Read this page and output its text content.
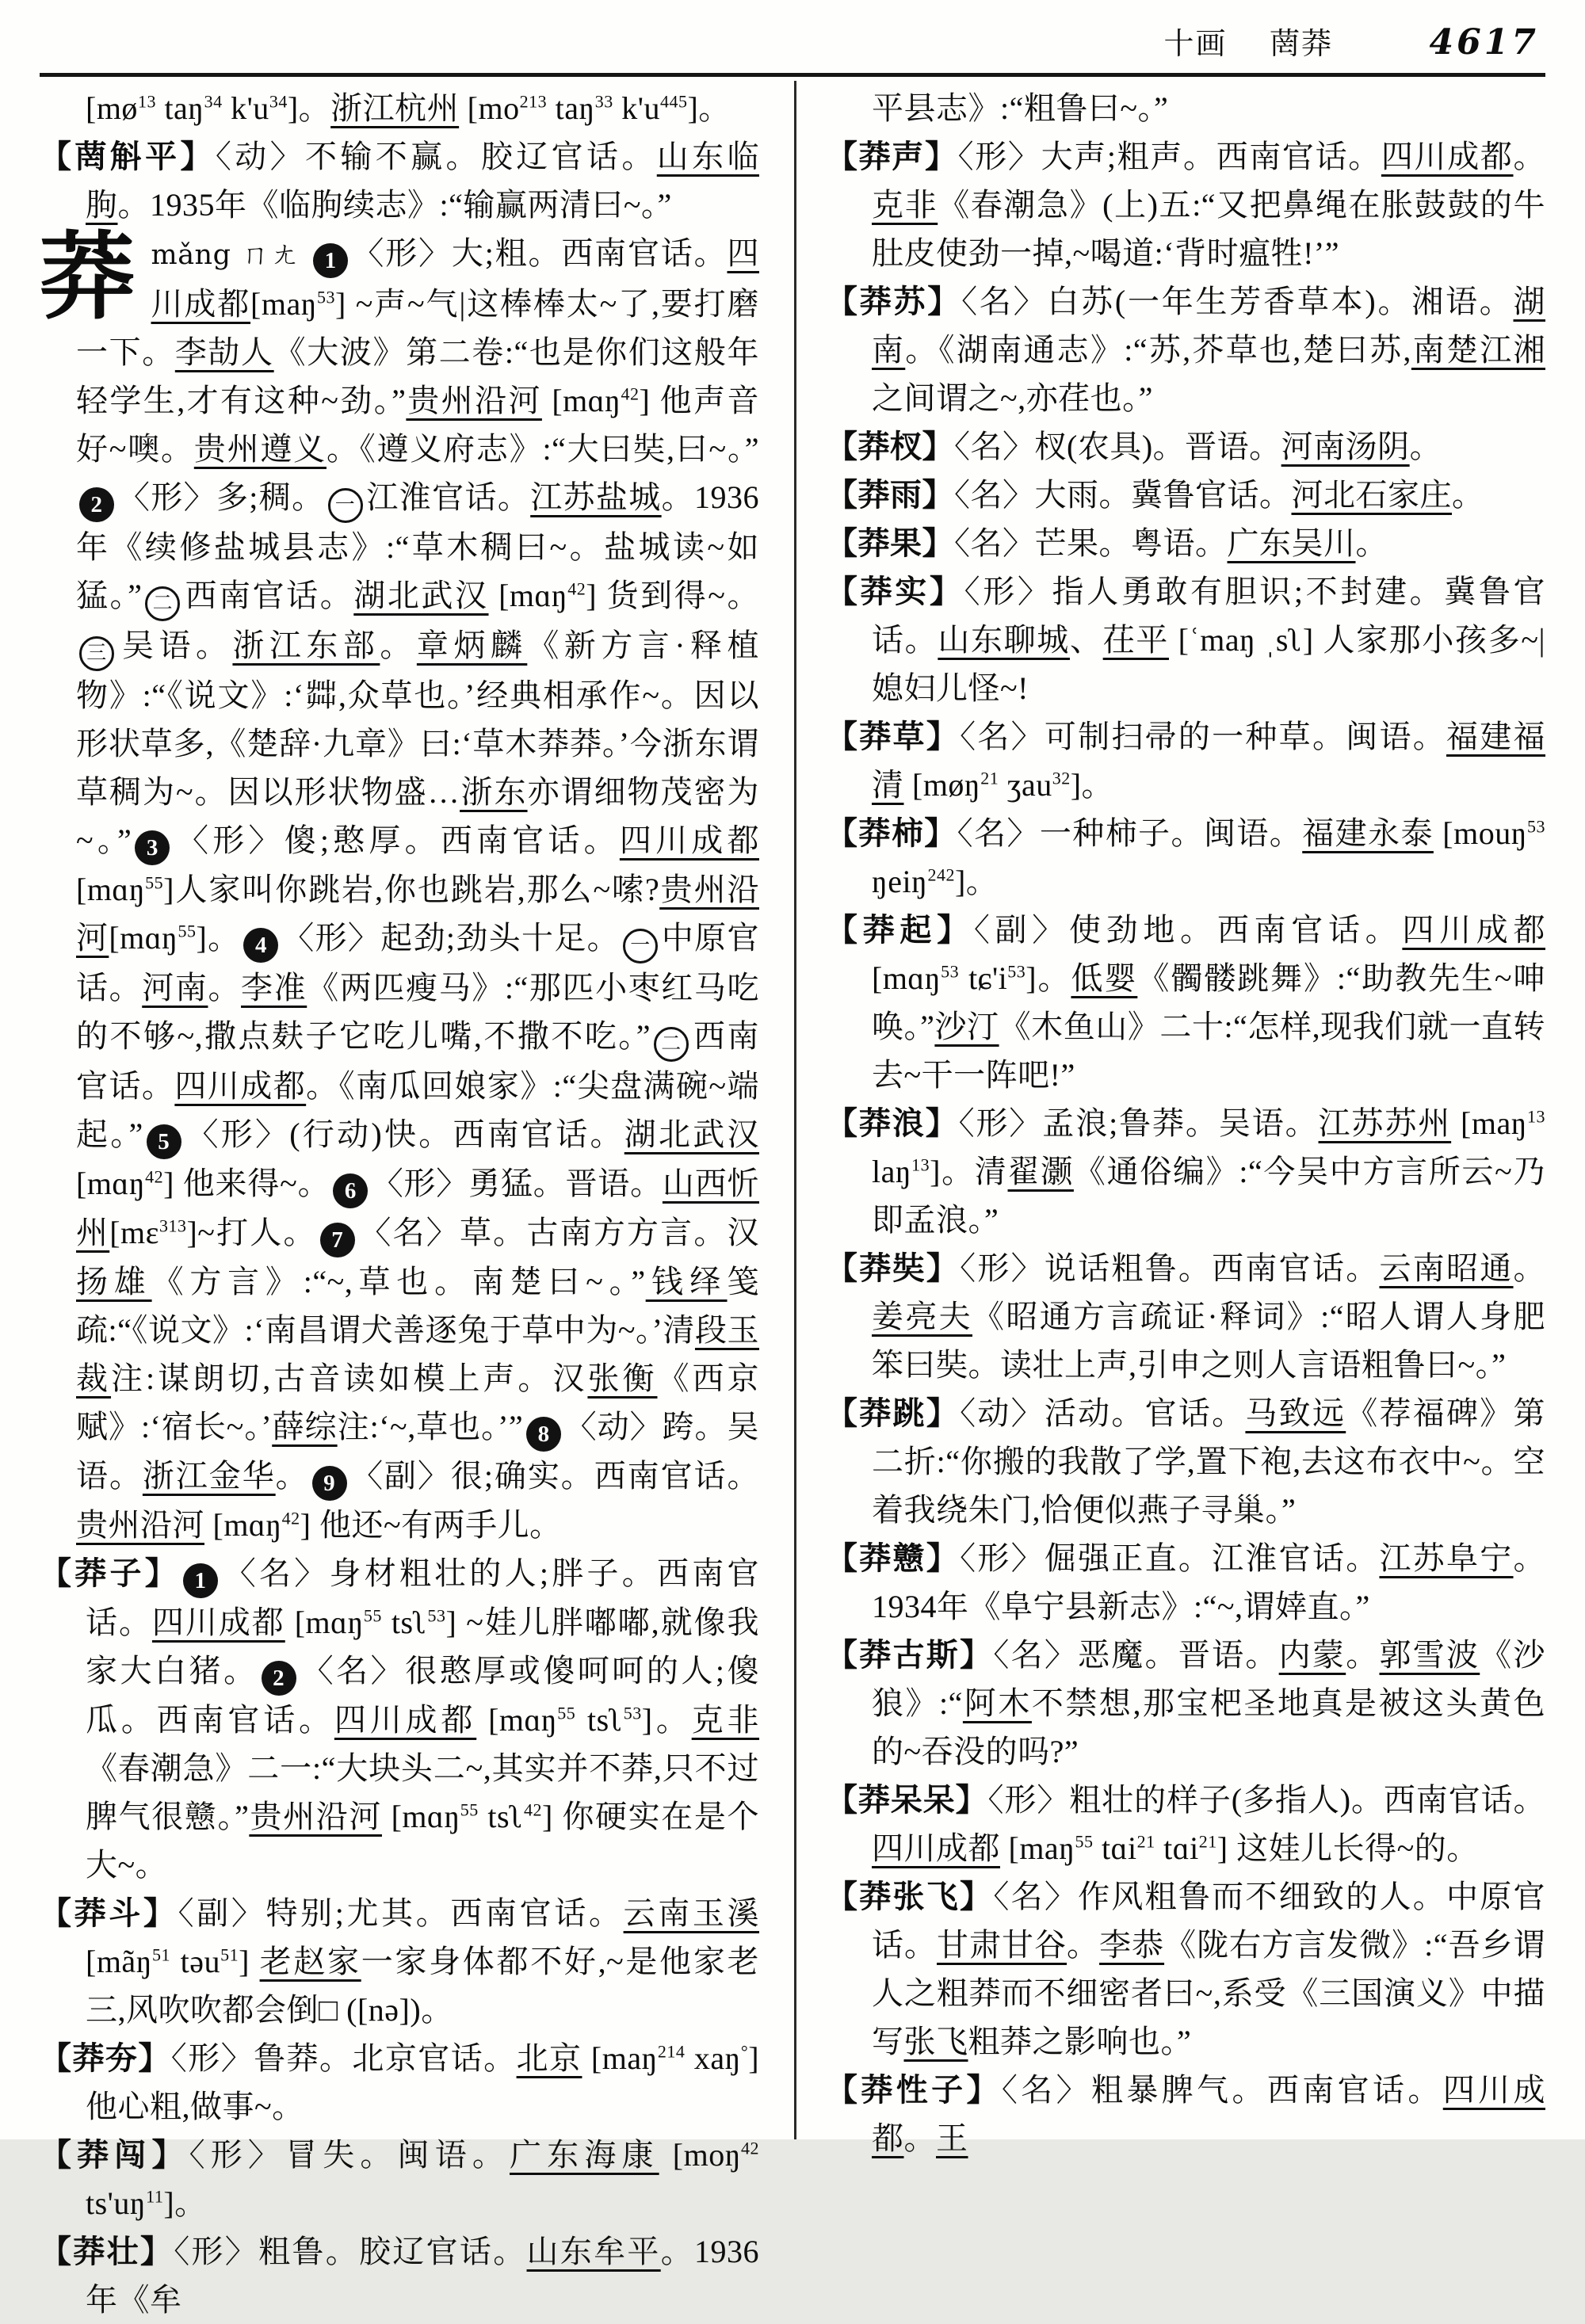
十画 菵莽	4617
[$mø^{13}$ taŋ$^{34}$ $k'u^{34}$]。浙江杭州 [$mo^{213}$ taŋ$^{33}$ $k'u^{445}$]。
【菵斛平】〈动〉不输不赢。胶辽官话。山东临朐。1935年《临朐续志》:“输赢两清曰~。”
莽mǎng ㄇㄤ 1 〈形〉大;粗。西南官话。四川成都[maŋ$^{53}$] ~声~气|这棒棒太~了,要打磨一下。李劼人《大波》第二卷:“也是你们这般年轻学生,才有这种~劲。”贵州沿河 [mɑŋ$^{42}$] 他声音好~噢。贵州遵义。《遵义府志》:“大曰奘,曰~。”2 〈形〉多;稠。 一 江淮官话。江苏盐城。1936年《续修盐城县志》:“草木稠曰~。盐城读~如猛。” 二 西南官话。湖北武汉 [mɑŋ$^{42}$] 货到得~。三 吴语。浙江东部。章炳麟《新方言·释植物》:“《说文》:‘茻,众草也。’经典相承作~。因以形状草多,《楚辞·九章》曰:‘草木莽莽。’今浙东谓草稠为~。因以形状物盛…浙东亦谓细物茂密为~。” 3 〈形〉傻;憨厚。西南官话。四川成都[mɑŋ$^{55}$]人家叫你跳岩,你也跳岩,那么~嗦?贵州沿河[mɑŋ$^{55}$]。 4 〈形〉起劲;劲头十足。 一 中原官话。河南。李准《两匹瘦马》:“那匹小枣红马吃的不够~,撒点麸子它吃儿嘴,不撒不吃。” 二 西南官话。四川成都。《南瓜回娘家》:“尖盘满碗~端起。” 5 〈形〉(行动)快。西南官话。湖北武汉 [mɑŋ$^{42}$] 他来得~。 6 〈形〉勇猛。晋语。山西忻州$[m\varepsilon^{313}]\sim$打人。 7 〈名〉草。古南方方言。汉扬雄《方言》:“~,草也。南楚曰~。”钱绎笺疏:“《说文》:‘南昌谓犬善逐兔于草中为~。’清段玉裁注:谋朗切,古音读如模上声。汉张衡《西京赋》:‘宿长~。’薛综注:‘~,草也。’” 8 〈动〉跨。吴语。浙江金华。 9 〈副〉很;确实。西南官话。贵州沿河 [mɑŋ$^{42}$] 他还~有两手儿。
【莽子】 1 〈名〉身材粗壮的人;胖子。西南官话。四川成都 [mɑŋ$^{55}$ tsʅ$^{53}$] ~娃儿胖嘟嘟,就像我家大白猪。 2 〈名〉很憨厚或傻呵呵的人;傻瓜。西南官话。四川成都 [mɑŋ$^{55}$ tsʅ$^{53}$]。克非《春潮急》二一:“大块头二~,其实并不莽,只不过脾气很戆。”贵州沿河 [mɑŋ$^{55}$ tsʅ$^{42}$] 你硬实在是个大~。
【莽斗】〈副〉特别;尤其。西南官话。云南玉溪 [mãŋ$^{51}$ təu$^{51}$] 老赵家一家身体都不好,~是他家老三,风吹吹都会倒□ ([nə])。
【莽夯】〈形〉鲁莽。北京官话。北京 [maŋ$^{214}$ xaŋ°] 他心粗,做事~。
【莽闯】〈形〉冒失。闽语。广东海康 [moŋ$^{42}$ $ts'uŋ^{11}$]。
【莽壮】〈形〉粗鲁。胶辽官话。山东牟平。1936年《牟
平县志》:“粗鲁曰~。”
【莽声】〈形〉大声;粗声。西南官话。四川成都。克非《春潮急》(上)五:“又把鼻绳在胀鼓鼓的牛肚皮使劲一掉,~喝道:‘背时瘟牲!’”
【莽苏】〈名〉白苏(一年生芳香草本)。湘语。湖南。《湖南通志》:“苏,芥草也,楚曰苏,南楚江湘之间谓之~,亦荏也。”
【莽杈】〈名〉杈(农具)。晋语。河南汤阴。
【莽雨】〈名〉大雨。冀鲁官话。河北石家庄。
【莽果】〈名〉芒果。粤语。广东吴川。
【莽实】〈形〉指人勇敢有胆识;不封建。冀鲁官话。山东聊城、茌平 [ʿmaŋ ˌsʅ] 人家那小孩多~|媳妇儿怪~!
【莽草】〈名〉可制扫帚的一种草。闽语。福建福清 [møŋ$^{21}$ ʒau$^{32}$]。
【莽柿】〈名〉一种柿子。闽语。福建永泰 [mouŋ$^{53}$ ŋeiŋ$^{242}$]。
【莽起】〈副〉使劲地。西南官话。四川成都 [mɑŋ$^{53}$ $tɕ'i^{53}$]。低婴《髑髅跳舞》:“助教先生~呻唤。”沙汀《木鱼山》二十:“怎样,现我们就一直转去~干一阵吧!”
【莽浪】〈形〉孟浪;鲁莽。吴语。江苏苏州 [maŋ$^{13}$ laŋ$^{13}$]。清翟灏《通俗编》:“今吴中方言所云~乃即孟浪。”
【莽奘】〈形〉说话粗鲁。西南官话。云南昭通。姜亮夫《昭通方言疏证·释词》:“昭人谓人身肥笨曰奘。读壮上声,引申之则人言语粗鲁曰~。”
【莽跳】〈动〉活动。官话。马致远《荐福碑》第二折:“你搬的我散了学,置下袍,去这布衣中~。空着我绕朱门,恰便似燕子寻巢。”
【莽戆】〈形〉倔强正直。江淮官话。江苏阜宁。1934年《阜宁县新志》:“~,谓婞直。”
【莽古斯】〈名〉恶魔。晋语。内蒙。郭雪波《沙狼》:“阿木不禁想,那宝杷圣地真是被这头黄色的~吞没的吗?”
【莽呆呆】〈形〉粗壮的样子(多指人)。西南官话。四川成都 [maŋ$^{55}$ tɑi$^{21}$ tɑi$^{21}$] 这娃儿长得~的。
【莽张飞】〈名〉作风粗鲁而不细致的人。中原官话。甘肃甘谷。李恭《陇右方言发微》:“吾乡谓人之粗莽而不细密者曰~,系受《三国演义》中描写张飞粗莽之影响也。”
【莽性子】〈名〉粗暴脾气。西南官话。四川成都。王
